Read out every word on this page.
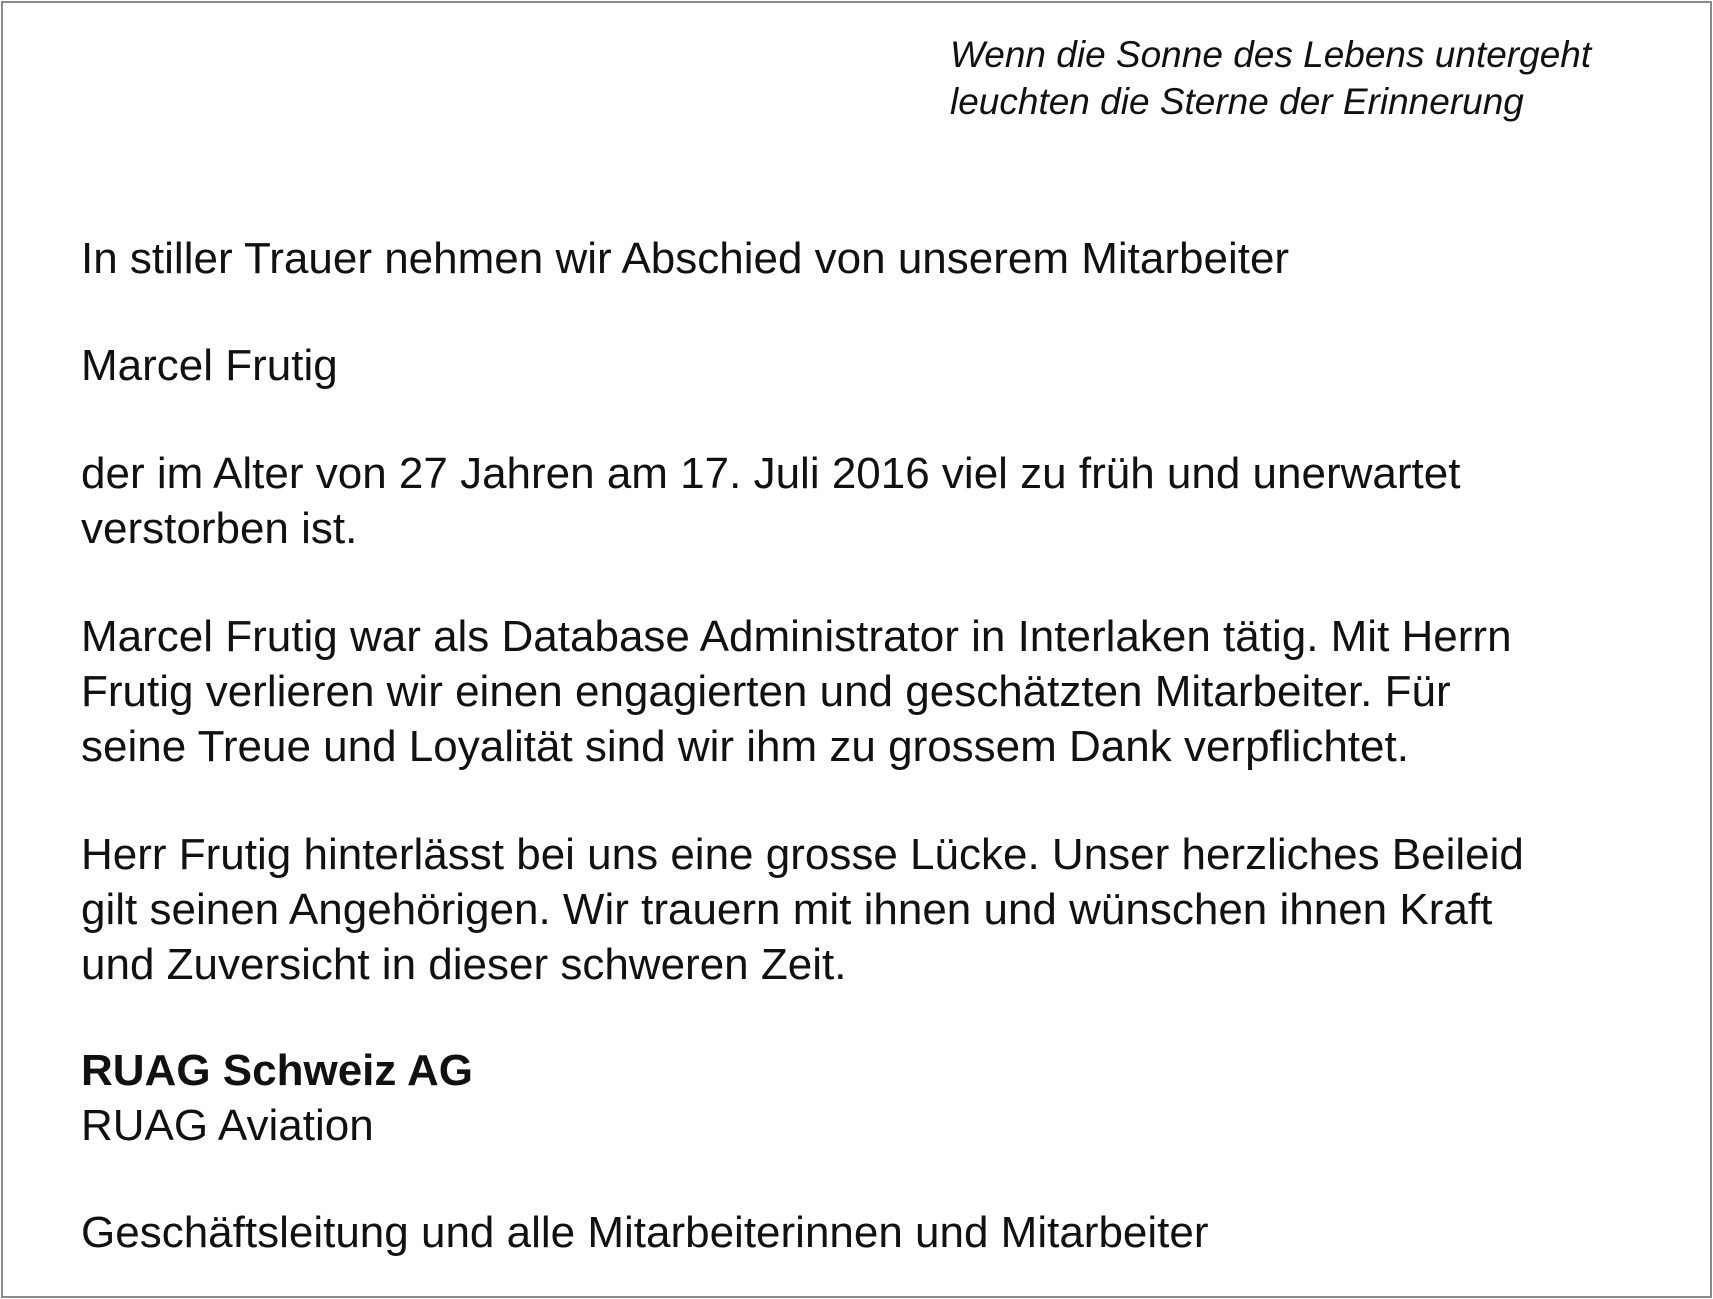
Wenn die Sonne des Lebens untergeht
leuchten die Sterne der Erinnerung
In stiller Trauer nehmen wir Abschied von unserem Mitarbeiter
Marcel Frutig
der im Alter von 27 Jahren am 17. Juli 2016 viel zu früh und unerwartet
verstorben ist.
Marcel Frutig war als Database Administrator in Interlaken tätig. Mit Herrn
Frutig verlieren wir einen engagierten und geschätzten Mitarbeiter. Für
seine Treue und Loyalität sind wir ihm zu grossem Dank verpflichtet.
Herr Frutig hinterlässt bei uns eine grosse Lücke. Unser herzliches Beileid
gilt seinen Angehörigen. Wir trauern mit ihnen und wünschen ihnen Kraft
und Zuversicht in dieser schweren Zeit.
RUAG Schweiz AG
RUAG Aviation
Geschäftsleitung und alle Mitarbeiterinnen und Mitarbeiter
